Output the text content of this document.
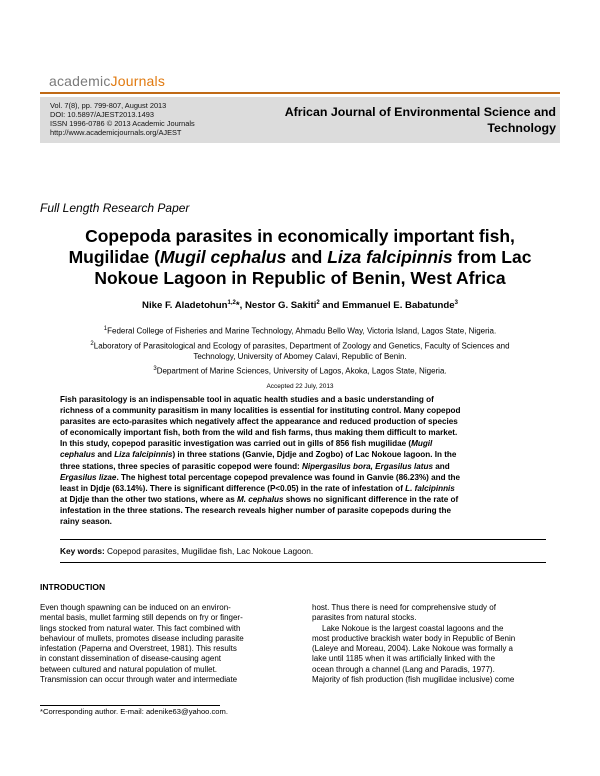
academicJournals
Vol. 7(8), pp. 799-807, August 2013
DOI: 10.5897/AJEST2013.1493
ISSN 1996-0786 © 2013 Academic Journals
http://www.academicjournals.org/AJEST
African Journal of Environmental Science and
Technology
Full Length Research Paper
Copepoda parasites in economically important fish,
Mugilidae (Mugil cephalus and Liza falcipinnis from Lac
Nokoue Lagoon in Republic of Benin, West Africa
Nike F. Aladetohun$^{1,2}$*, Nestor G. Sakiti$^2$ and Emmanuel E. Babatunde$^3$
$^1$Federal College of Fisheries and Marine Technology, Ahmadu Bello Way, Victoria Island, Lagos State, Nigeria.
$^2$Laboratory of Parasitological and Ecology of parasites, Department of Zoology and Genetics, Faculty of Sciences and
Technology, University of Abomey Calavi, Republic of Benin.
$^3$Department of Marine Sciences, University of Lagos, Akoka, Lagos State, Nigeria.
Accepted 22 July, 2013
Fish parasitology is an indispensable tool in aquatic health studies and a basic understanding of
richness of a community parasitism in many localities is essential for instituting control. Many copepod
parasites are ecto-parasites which negatively affect the appearance and reduced production of species
of economically important fish, both from the wild and fish farms, thus making them difficult to market.
In this study, copepod parasitic investigation was carried out in gills of 856 fish mugilidae (Mugil
cephalus and Liza falcipinnis) in three stations (Ganvie, Djdje and Zogbo) of Lac Nokoue lagoon. In the
three stations, three species of parasitic copepod were found: Nipergasilus bora, Ergasilus latus and
Ergasilus lizae. The highest total percentage copepod prevalence was found in Ganvie (86.23%) and the
least in Djdje (63.14%). There is significant difference (P<0.05) in the rate of infestation of L. falcipinnis
at Djdje than the other two stations, where as M. cephalus shows no significant difference in the rate of
infestation in the three stations. The research reveals higher number of parasite copepods during the
rainy season.
Key words: Copepod parasites, Mugilidae fish, Lac Nokoue Lagoon.
INTRODUCTION
Even though spawning can be induced on an environ-
mental basis, mullet farming still depends on fry or finger-
lings stocked from natural water. This fact combined with
behaviour of mullets, promotes disease including parasite
infestation (Paperna and Overstreet, 1981). This results
in constant dissemination of disease-causing agent
between cultured and natural population of mullet.
Transmission can occur through water and intermediate
host. Thus there is need for comprehensive study of
parasites from natural stocks.
Lake Nokoue is the largest coastal lagoons and the
most productive brackish water body in Republic of Benin
(Laleye and Moreau, 2004). Lake Nokoue was formally a
lake until 1185 when it was artificially linked with the
ocean through a channel (Lang and Paradis, 1977).
Majority of fish production (fish mugilidae inclusive) come
*Corresponding author. E-mail: adenike63@yahoo.com.
